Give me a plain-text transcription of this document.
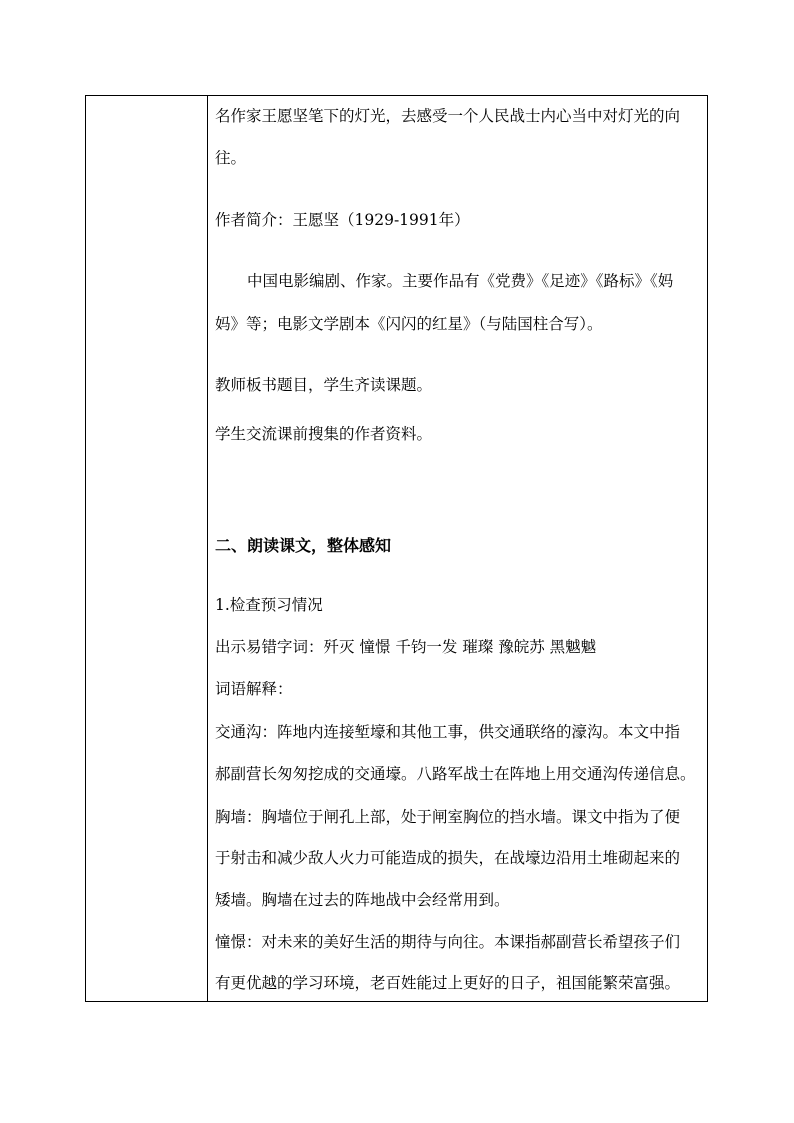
名作家王愿坚笔下的灯光，去感受一个人民战士内心当中对灯光的向
往。
作者简介：王愿坚（1929-1991年）
中国电影编剧、作家。主要作品有《党费》《足迹》《路标》《妈
妈》等；电影文学剧本《闪闪的红星》（与陆国柱合写）。
教师板书题目，学生齐读课题。
学生交流课前搜集的作者资料。
二、朗读课文，整体感知
1.检查预习情况
出示易错字词：歼灭 憧憬 千钧一发 璀璨 豫皖苏 黑魆魆
词语解释：
交通沟：阵地内连接堑壕和其他工事，供交通联络的濠沟。本文中指
郝副营长匆匆挖成的交通壕。八路军战士在阵地上用交通沟传递信息。
胸墙：胸墙位于闸孔上部，处于闸室胸位的挡水墙。课文中指为了便
于射击和减少敌人火力可能造成的损失，在战壕边沿用土堆砌起来的
矮墙。胸墙在过去的阵地战中会经常用到。
憧憬：对未来的美好生活的期待与向往。本课指郝副营长希望孩子们
有更优越的学习环境，老百姓能过上更好的日子，祖国能繁荣富强。
